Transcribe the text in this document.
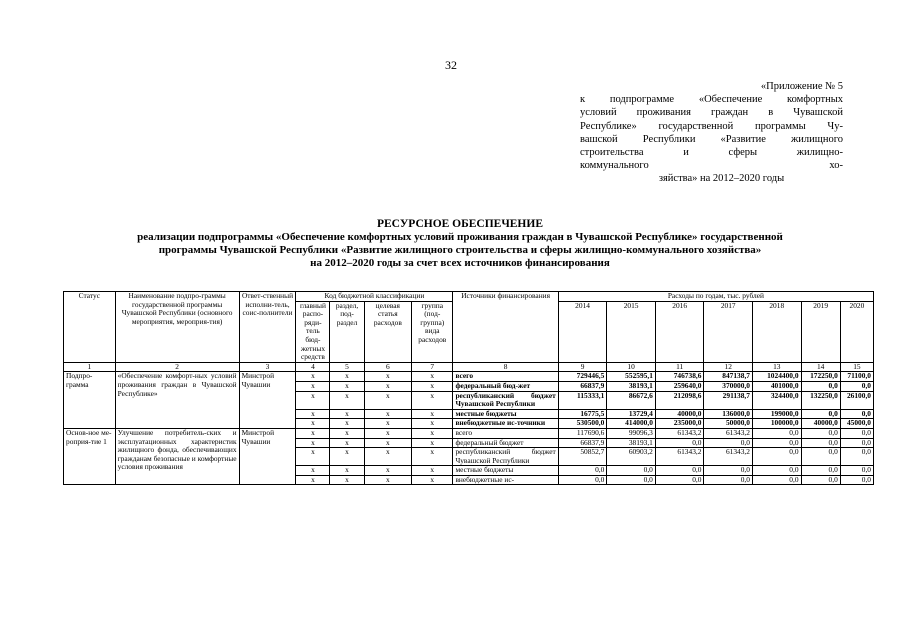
32
«Приложение № 5
к подпрограмме «Обеспечение комфортных
условий проживания граждан в Чувашской
Республике» государственной программы Чу-
вашской Республики «Развитие жилищного
строительства и сферы жилищно-
коммунального хо-
зяйства» на 2012–2020 годы
РЕСУРСНОЕ ОБЕСПЕЧЕНИЕ
реализации подпрограммы «Обеспечение комфортных условий проживания граждан в Чувашской Республике» государственной
программы Чувашской Республики «Развитие жилищного строительства и сферы жилищно-коммунального хозяйства»
на 2012–2020 годы за счет всех источников финансирования
Статус	Наименование подпро-граммы государственной программы Чувашской Республики (основного мероприятия, мероприя-тия)	Ответ-ственный исполни-тель, соис-полнители	Код бюджетной классификации				Источники финансирования	Расходы по годам, тыс. рублей						
			главный распо-ряди-тель бюд-жетных средств	раздел, под-раздел	целевая статья расходов	группа (под-группа) вида расходов		2014	2015	2016	2017	2018	2019	2020
1	2	3	4	5	6	7	8	9	10	11	12	13	14	15
Подпро-грамма	«Обеспечение комфорт-ных условий проживания граждан в Чувашской Республике»	Минстрой Чувашии	х	х	х	х	всего	729446,5	552595,1	746738,6	847138,7	1024400,0	172250,0	71100,0
			х	х	х	х	федеральный бюд-жет	66837,9	38193,1	259640,0	370000,0	401000,0	0,0	0,0
			х	х	х	х	республиканский бюджет Чувашской Республики	115333,1	86672,6	212098,6	291138,7	324400,0	132250,0	26100,0
			х	х	х	х	местные бюджеты	16775,5	13729,4	40000,0	136000,0	199000,0	0,0	0,0
			х	х	х	х	внебюджетные ис-точники	530500,0	414000,0	235000,0	50000,0	100000,0	40000,0	45000,0
Основ-ное ме-роприя-тие 1	Улучшение потребитель-ских и эксплуатационных характеристик жилищного фонда, обеспечивающих гражданам безопасные и комфортные условия проживания	Минстрой Чувашии	х	х	х	х	всего	117690,6	99096,3	61343,2	61343,2	0,0	0,0	0,0
			х	х	х	х	федеральный бюджет	66837,9	38193,1	0,0	0,0	0,0	0,0	0,0
			х	х	х	х	республиканский бюджет Чувашской Республики	50852,7	60903,2	61343,2	61343,2	0,0	0,0	0,0
			х	х	х	х	местные бюджеты	0,0	0,0	0,0	0,0	0,0	0,0	0,0
			х	х	х	х	внебюджетные ис-	0,0	0,0	0,0	0,0	0,0	0,0	0,0
